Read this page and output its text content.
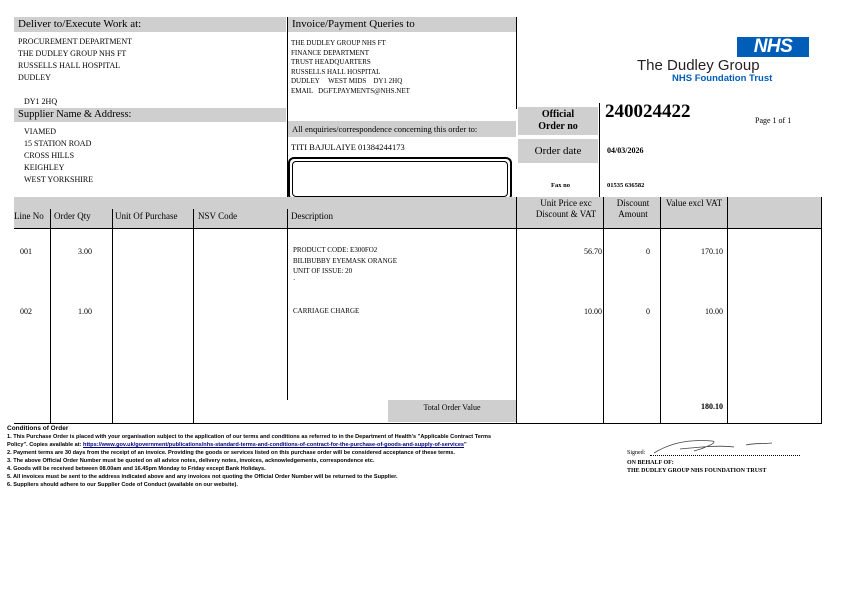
Deliver to/Execute Work at:
PROCUREMENT DEPARTMENT
THE DUDLEY GROUP NHS FT
RUSSELLS HALL HOSPITAL
DUDLEY
DY1 2HQ
Supplier Name & Address:
VIAMED
15 STATION ROAD
CROSS HILLS
KEIGHLEY
WEST YORKSHIRE
Invoice/Payment Queries to
THE DUDLEY GROUP NHS FT
FINANCE DEPARTMENT
TRUST HEADQUARTERS
RUSSELLS HALL HOSPITAL
DUDLEY     WEST MIDS    DY1 2HQ
EMAIL   DGFT.PAYMENTS@NHS.NET
All enquiries/correspondence concerning this order to:
TITI BAJULAIYE 01384244173
NHS
The Dudley Group
NHS Foundation Trust
Official
Order no
240024422	Page 1 of 1
Order date	04/03/2026
Fax no	01535 636582
Line No Order Qty	Unit Of Purchase NSV Code	Description
Unit Price exc
Discount & VAT
Discount
Amount
Value excl VAT
001	3.00	PRODUCT CODE: E300FO2
BILIBUBBY EYEMASK ORANGE
UNIT OF ISSUE: 20
`
56.70	0	170.10
002	1.00	CARRIAGE CHARGE	10.00	0	10.00
Total Order Value	180.10
Conditions of Order
1. This Purchase Order is placed with your organisation subject to the application of our terms and conditions as referred to in the Department of Health's "Applicable Contract Terms
Policy". Copies available at: https://www.gov.uk/government/publications/nhs-standard-terms-and-conditions-of-contract-for-the-purchase-of-goods-and-supply-of-services"
2. Payment terms are 30 days from the receipt of an invoice. Providing the goods or services listed on this purchase order will be considered acceptance of these terms.
3. The above Official Order Number must be quoted on all advice notes, delivery notes, invoices, acknowledgements, correspondence etc.
4. Goods will be received between 08.00am and 16.45pm Monday to Friday except Bank Holidays.
5. All invoices must be sent to the address indicated above and any invoices not quoting the Official Order Number will be returned to the Supplier.
6. Suppliers should adhere to our Supplier Code of Conduct (available on our website).
Signed:
ON BEHALF OF:
THE DUDLEY GROUP NHS FOUNDATION TRUST
